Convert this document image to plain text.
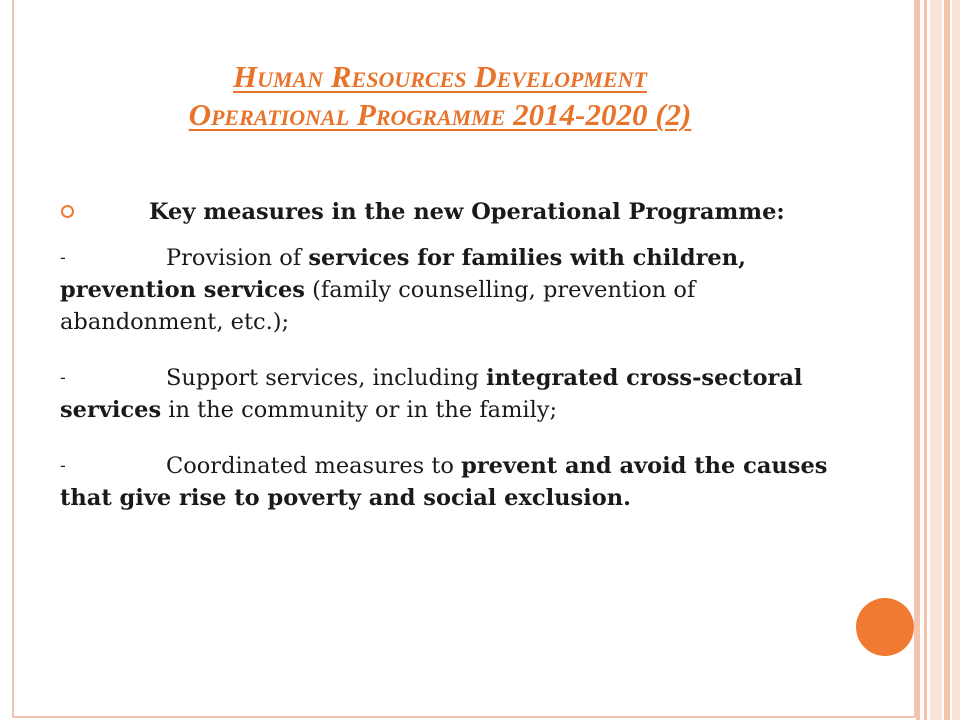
Human Resources Development
Operational Programme 2014-2020 (2)
Key measures in the new Operational Programme:
-	Provision of services for families with children, prevention services (family counselling, prevention of abandonment, etc.);
-	Support services, including integrated cross-sectoral services in the community or in the family;
-	Coordinated measures to prevent and avoid the causes that give rise to poverty and social exclusion.
